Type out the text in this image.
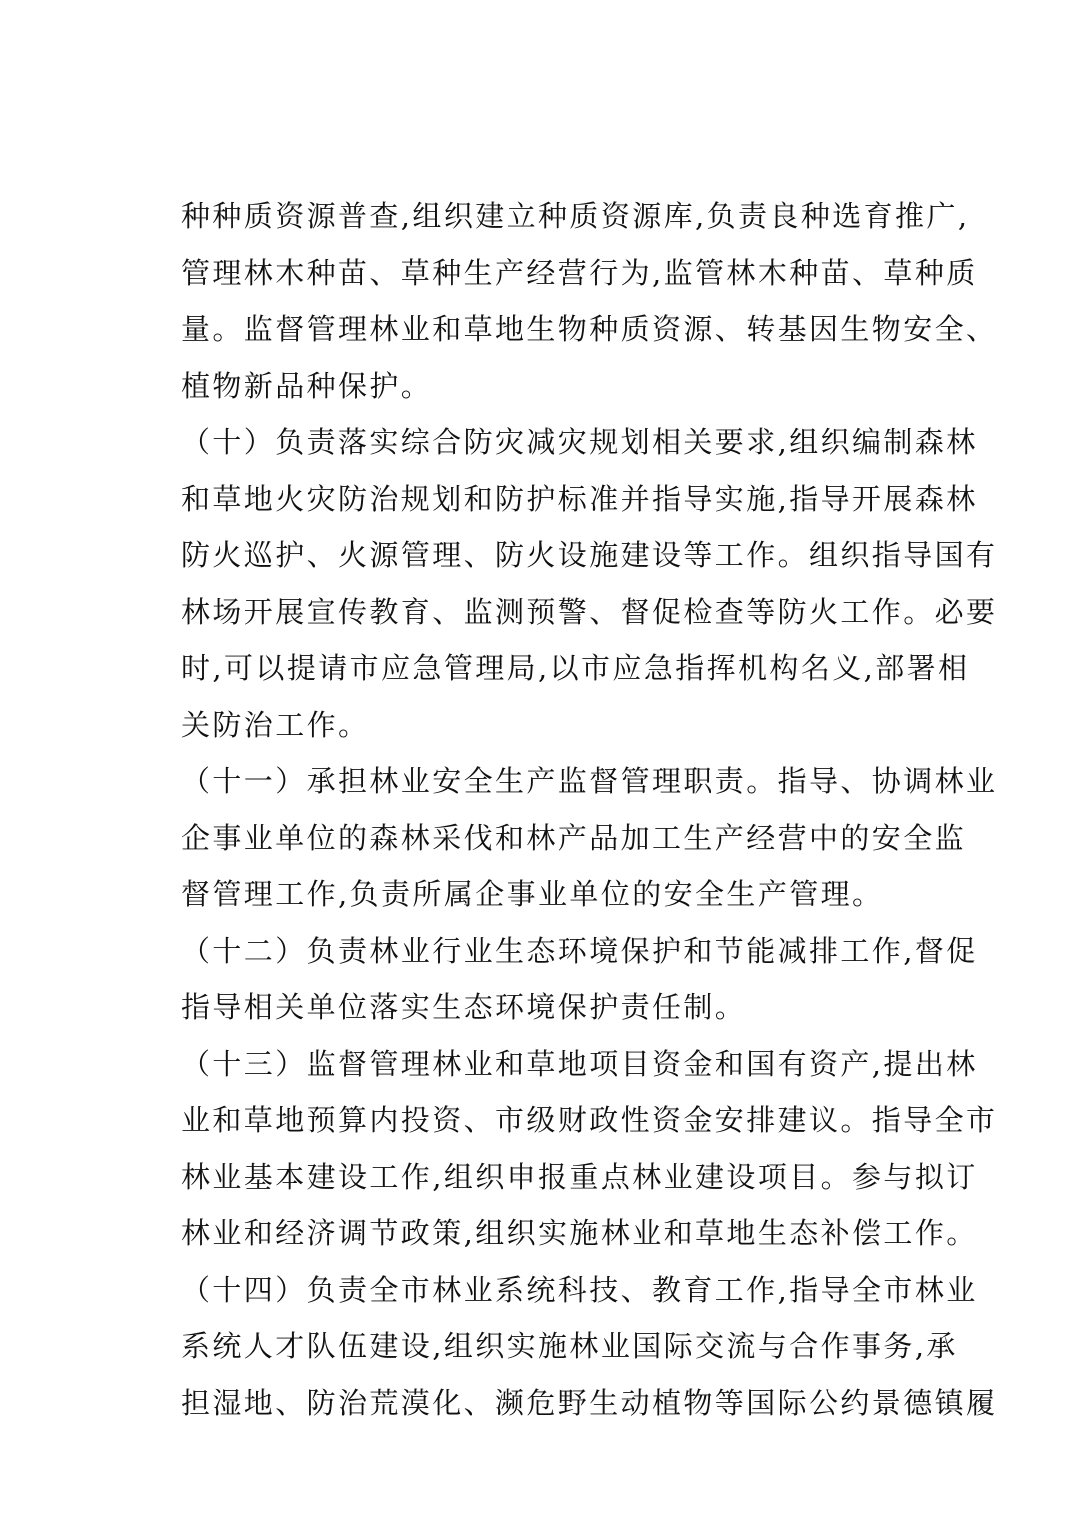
种种质资源普查,组织建立种质资源库,负责良种选育推广,
管理林木种苗、草种生产经营行为,监管林木种苗、草种质
量。监督管理林业和草地生物种质资源、转基因生物安全、
植物新品种保护。
（十）负责落实综合防灾减灾规划相关要求,组织编制森林
和草地火灾防治规划和防护标准并指导实施,指导开展森林
防火巡护、火源管理、防火设施建设等工作。组织指导国有
林场开展宣传教育、监测预警、督促检查等防火工作。必要
时,可以提请市应急管理局,以市应急指挥机构名义,部署相
关防治工作。
（十一）承担林业安全生产监督管理职责。指导、协调林业
企事业单位的森林采伐和林产品加工生产经营中的安全监
督管理工作,负责所属企事业单位的安全生产管理。
（十二）负责林业行业生态环境保护和节能减排工作,督促
指导相关单位落实生态环境保护责任制。
（十三）监督管理林业和草地项目资金和国有资产,提出林
业和草地预算内投资、市级财政性资金安排建议。指导全市
林业基本建设工作,组织申报重点林业建设项目。参与拟订
林业和经济调节政策,组织实施林业和草地生态补偿工作。
（十四）负责全市林业系统科技、教育工作,指导全市林业
系统人才队伍建设,组织实施林业国际交流与合作事务,承
担湿地、防治荒漠化、濒危野生动植物等国际公约景德镇履
